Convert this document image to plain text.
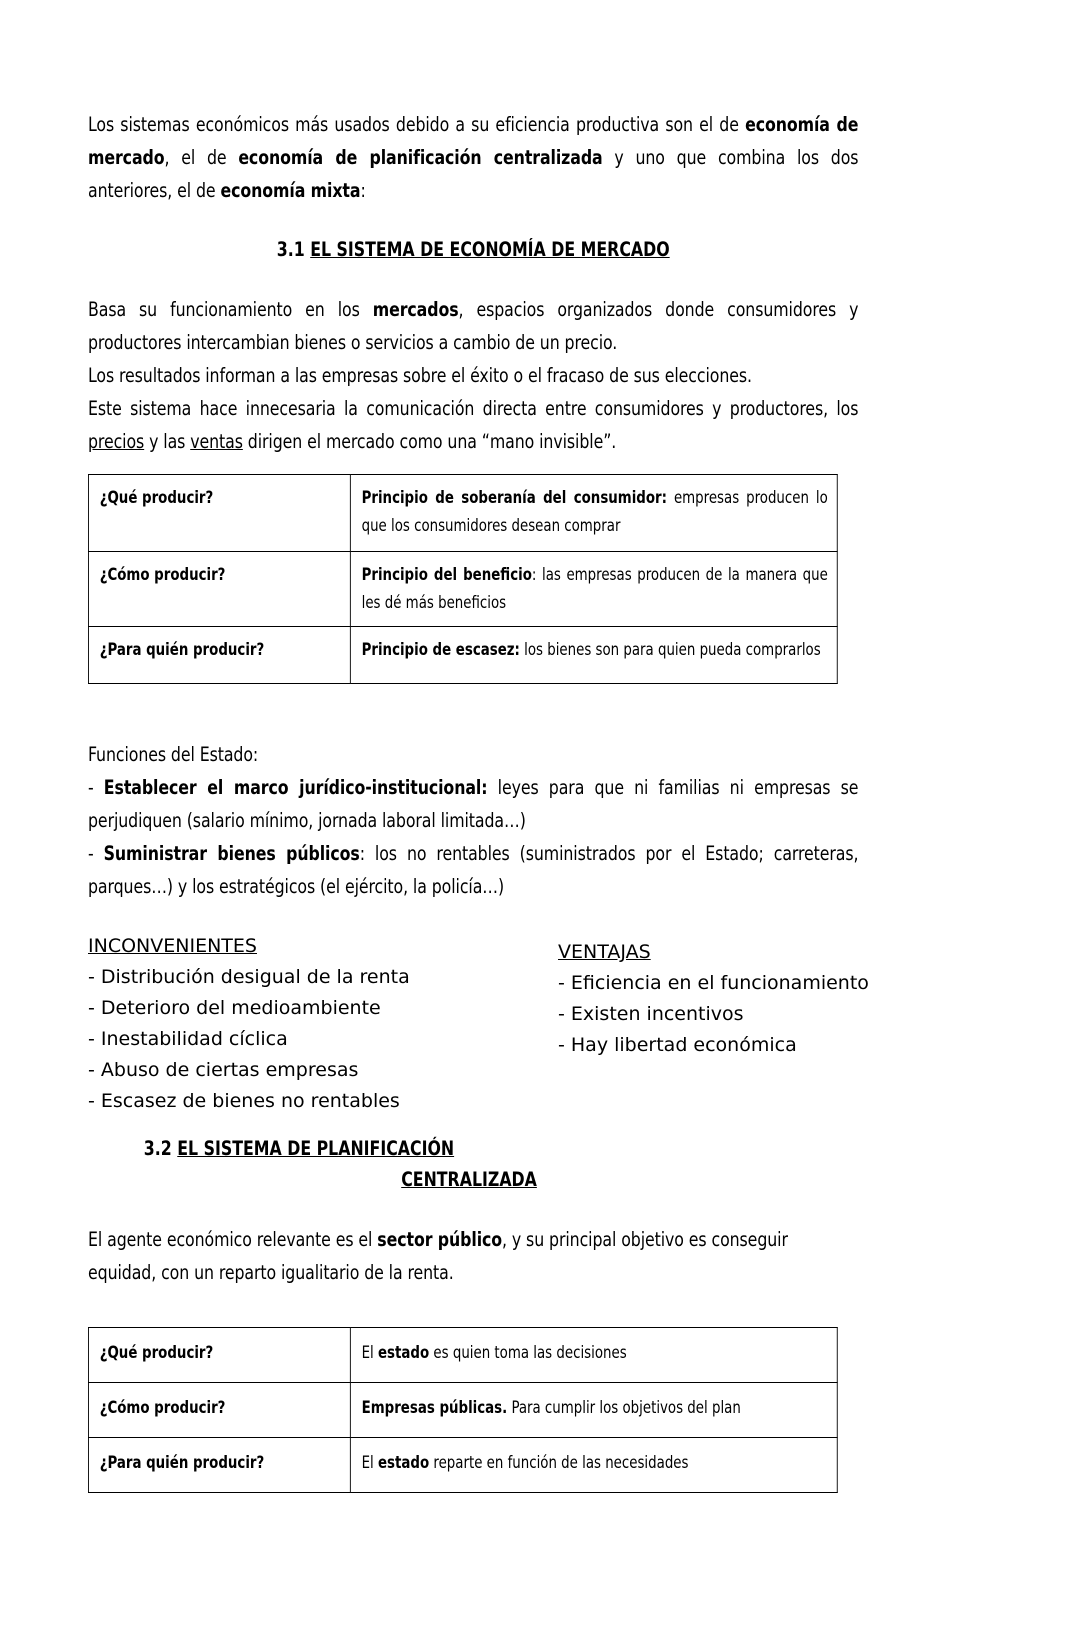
Los sistemas económicos más usados debido a su eficiencia productiva son el de economía de mercado, el de economía de planificación centralizada y uno que combina los dos anteriores, el de economía mixta:

3.1 EL SISTEMA DE ECONOMÍA DE MERCADO

Basa su funcionamiento en los mercados, espacios organizados donde consumidores y productores intercambian bienes o servicios a cambio de un precio.

Los resultados informan a las empresas sobre el éxito o el fracaso de sus elecciones.

Este sistema hace innecesaria la comunicación directa entre consumidores y productores, los precios y las ventas dirigen el mercado como una “mano invisible”.

¿Qué producir?	Principio de soberanía del consumidor: empresas producen lo que los consumidores desean comprar
¿Cómo producir?	Principio del beneficio: las empresas producen de la manera que les dé más beneficios
¿Para quién producir?	Principio de escasez: los bienes son para quien pueda comprarlos

Funciones del Estado:

- Establecer el marco jurídico-institucional: leyes para que ni familias ni empresas se perjudiquen (salario mínimo, jornada laboral limitada…)

- Suministrar bienes públicos: los no rentables (suministrados por el Estado; carreteras, parques…) y los estratégicos (el ejército, la policía…)

INCONVENIENTES
- Distribución desigual de la renta
- Deterioro del medioambiente
- Inestabilidad cíclica
- Abuso de ciertas empresas
- Escasez de bienes no rentables
VENTAJAS
- Eficiencia en el funcionamiento
- Existen incentivos
- Hay libertad económica
3.2 EL SISTEMA DE PLANIFICACIÓN
CENTRALIZADA

El agente económico relevante es el sector público, y su principal objetivo es conseguir equidad, con un reparto igualitario de la renta.

¿Qué producir?	El estado es quien toma las decisiones
¿Cómo producir?	Empresas públicas. Para cumplir los objetivos del plan
¿Para quién producir?	El estado reparte en función de las necesidades
